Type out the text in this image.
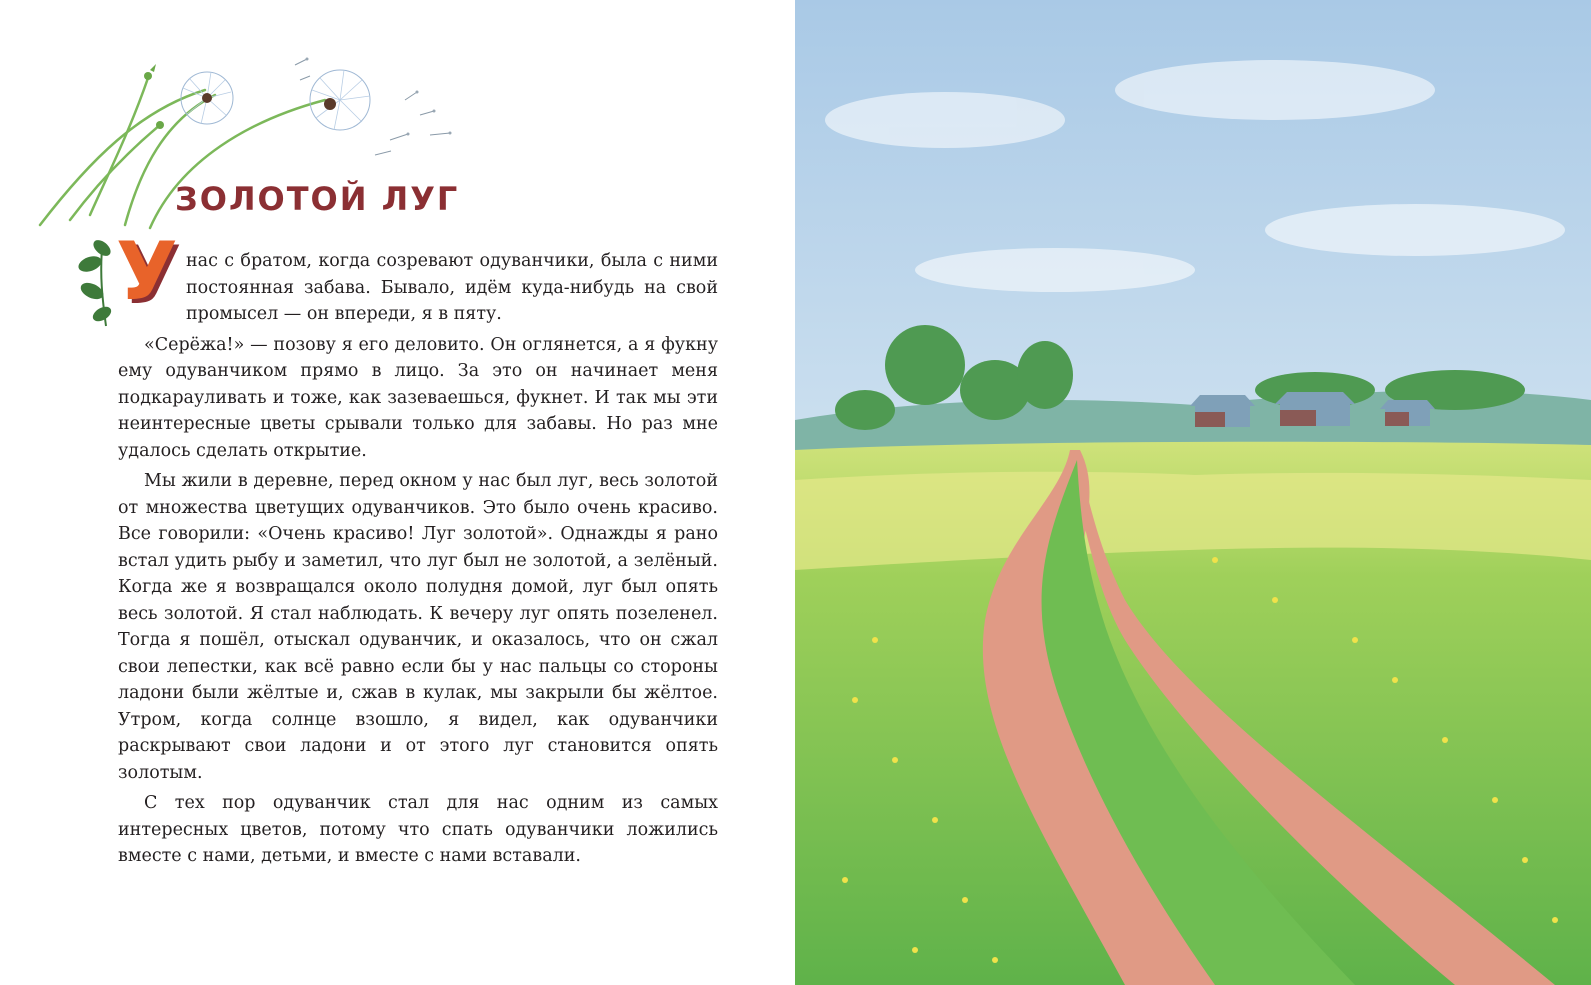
ЗОЛОТОЙ ЛУГ
У нас с братом, когда созревают одуванчики, была с ними постоянная забава. Бывало, идём куда-нибудь на свой промысел — он впереди, я в пяту.

«Серёжа!» — позову я его деловито. Он оглянется, а я фукну ему одуванчиком прямо в лицо. За это он начинает меня подкарауливать и тоже, как зазеваешься, фукнет. И так мы эти неинтересные цветы срывали только для забавы. Но раз мне удалось сделать открытие.

Мы жили в деревне, перед окном у нас был луг, весь золотой от множества цветущих одуванчиков. Это было очень красиво. Все говорили: «Очень красиво! Луг золотой». Однажды я рано встал удить рыбу и заметил, что луг был не золотой, а зелёный. Когда же я возвращался около полудня домой, луг был опять весь золотой. Я стал наблюдать. К вечеру луг опять позеленел. Тогда я пошёл, отыскал одуванчик, и оказалось, что он сжал свои лепестки, как всё равно если бы у нас пальцы со стороны ладони были жёлтые и, сжав в кулак, мы закрыли бы жёлтое. Утром, когда солнце взошло, я видел, как одуванчики раскрывают свои ладони и от этого луг становится опять золотым.

С тех пор одуванчик стал для нас одним из самых интересных цветов, потому что спать одуванчики ложились вместе с нами, детьми, и вместе с нами вставали.
